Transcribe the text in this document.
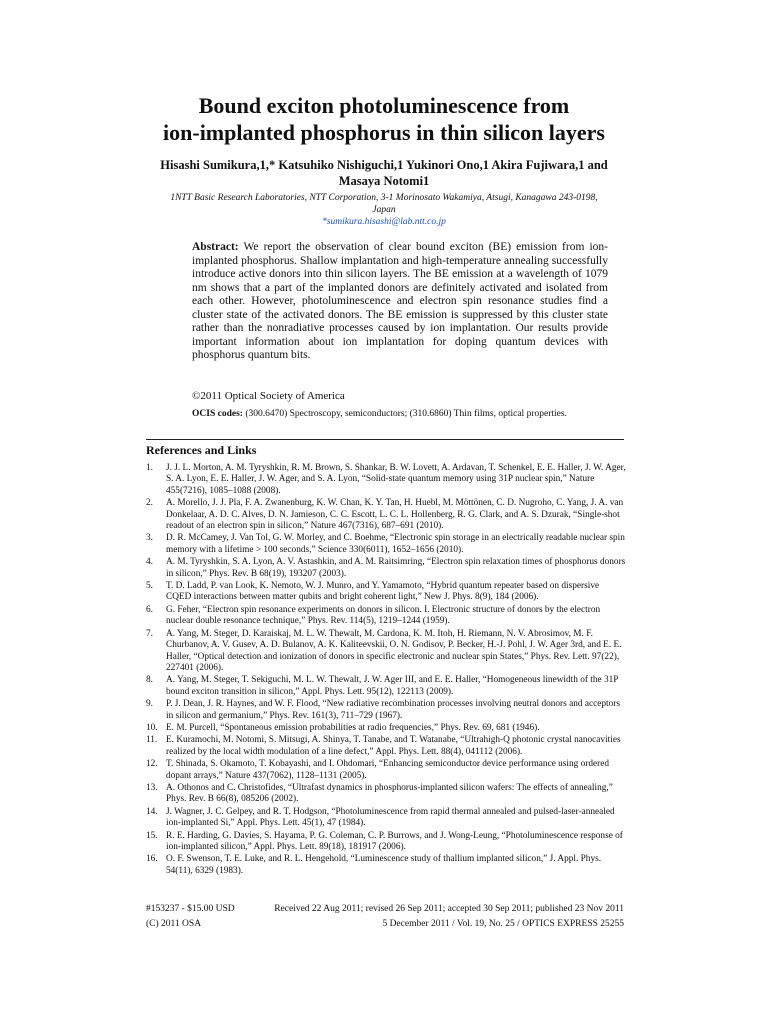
Bound exciton photoluminescence from
ion-implanted phosphorus in thin silicon layers
Hisashi Sumikura,1,* Katsuhiko Nishiguchi,1 Yukinori Ono,1 Akira Fujiwara,1 and
Masaya Notomi1
1NTT Basic Research Laboratories, NTT Corporation, 3-1 Morinosato Wakamiya, Atsugi, Kanagawa 243-0198,
Japan
*sumikura.hisashi@lab.ntt.co.jp
Abstract: We report the observation of clear bound exciton (BE) emission from ion-implanted phosphorus. Shallow implantation and high-temperature annealing successfully introduce active donors into thin silicon layers. The BE emission at a wavelength of 1079 nm shows that a part of the implanted donors are definitely activated and isolated from each other. However, photoluminescence and electron spin resonance studies find a cluster state of the activated donors. The BE emission is suppressed by this cluster state rather than the nonradiative processes caused by ion implantation. Our results provide important information about ion implantation for doping quantum devices with phosphorus quantum bits.
©2011 Optical Society of America
OCIS codes: (300.6470) Spectroscopy, semiconductors; (310.6860) Thin films, optical properties.
References and Links
1.	J. J. L. Morton, A. M. Tyryshkin, R. M. Brown, S. Shankar, B. W. Lovett, A. Ardavan, T. Schenkel, E. E. Haller, J. W. Ager, S. A. Lyon, E. E. Haller, J. W. Ager, and S. A. Lyon, “Solid-state quantum memory using 31P nuclear spin,” Nature 455(7216), 1085–1088 (2008).
2.	A. Morello, J. J. Pla, F. A. Zwanenburg, K. W. Chan, K. Y. Tan, H. Huebl, M. Möttönen, C. D. Nugroho, C. Yang, J. A. van Donkelaar, A. D. C. Alves, D. N. Jamieson, C. C. Escott, L. C. L. Hollenberg, R. G. Clark, and A. S. Dzurak, “Single-shot readout of an electron spin in silicon,” Nature 467(7316), 687–691 (2010).
3.	D. R. McCamey, J. Van Tol, G. W. Morley, and C. Boehme, “Electronic spin storage in an electrically readable nuclear spin memory with a lifetime > 100 seconds,” Science 330(6011), 1652–1656 (2010).
4.	A. M. Tyryshkin, S. A. Lyon, A. V. Astashkin, and A. M. Raitsimring, “Electron spin relaxation times of phosphorus donors in silicon,” Phys. Rev. B 68(19), 193207 (2003).
5.	T. D. Ladd, P. van Look, K. Nemoto, W. J. Munro, and Y. Yamamoto, “Hybrid quantum repeater based on dispersive CQED interactions between matter qubits and bright coherent light,” New J. Phys. 8(9), 184 (2006).
6.	G. Feher, “Electron spin resonance experiments on donors in silicon. I. Electronic structure of donors by the electron nuclear double resonance technique,” Phys. Rev. 114(5), 1219–1244 (1959).
7.	A. Yang, M. Steger, D. Karaiskaj, M. L. W. Thewalt, M. Cardona, K. M. Itoh, H. Riemann, N. V. Abrosimov, M. F. Churbanov, A. V. Gusev, A. D. Bulanov, A. K. Kaliteevskii, O. N. Godisov, P. Becker, H.-J. Pohl, J. W. Ager 3rd, and E. E. Haller, “Optical detection and ionization of donors in specific electronic and nuclear spin States,” Phys. Rev. Lett. 97(22), 227401 (2006).
8.	A. Yang, M. Steger, T. Sekiguchi, M. L. W. Thewalt, J. W. Ager III, and E. E. Haller, “Homogeneous linewidth of the 31P bound exciton transition in silicon,” Appl. Phys. Lett. 95(12), 122113 (2009).
9.	P. J. Dean, J. R. Haynes, and W. F. Flood, “New radiative recombination processes involving neutral donors and acceptors in silicon and germanium,” Phys. Rev. 161(3), 711–729 (1967).
10. E. M. Purcell, “Spontaneous emission probabilities at radio frequencies,” Phys. Rev. 69, 681 (1946).
11. E. Kuramochi, M. Notomi, S. Mitsugi, A. Shinya, T. Tanabe, and T. Watanabe, “Ultrahigh-Q photonic crystal nanocavities realized by the local width modulation of a line defect,” Appl. Phys. Lett. 88(4), 041112 (2006).
12. T. Shinada, S. Okamoto, T. Kobayashi, and I. Ohdomari, “Enhancing semiconductor device performance using ordered dopant arrays,” Nature 437(7062), 1128–1131 (2005).
13. A. Othonos and C. Christofides, “Ultrafast dynamics in phosphorus-implanted silicon wafers: The effects of annealing,” Phys. Rev. B 66(8), 085206 (2002).
14. J. Wagner, J. C. Gelpey, and R. T. Hodgson, “Photoluminescence from rapid thermal annealed and pulsed-laser-annealed ion-implanted Si,” Appl. Phys. Lett. 45(1), 47 (1984).
15. R. E. Harding, G. Davies, S. Hayama, P. G. Coleman, C. P. Burrows, and J. Wong-Leung, “Photoluminescence response of ion-implanted silicon,” Appl. Phys. Lett. 89(18), 181917 (2006).
16. O. F. Swenson, T. E. Luke, and R. L. Hengehold, “Luminescence study of thallium implanted silicon,” J. Appl. Phys. 54(11), 6329 (1983).
#153237 - $15.00 USD	Received 22 Aug 2011; revised 26 Sep 2011; accepted 30 Sep 2011; published 23 Nov 2011
(C) 2011 OSA	5 December 2011 / Vol. 19, No. 25 / OPTICS EXPRESS 25255
